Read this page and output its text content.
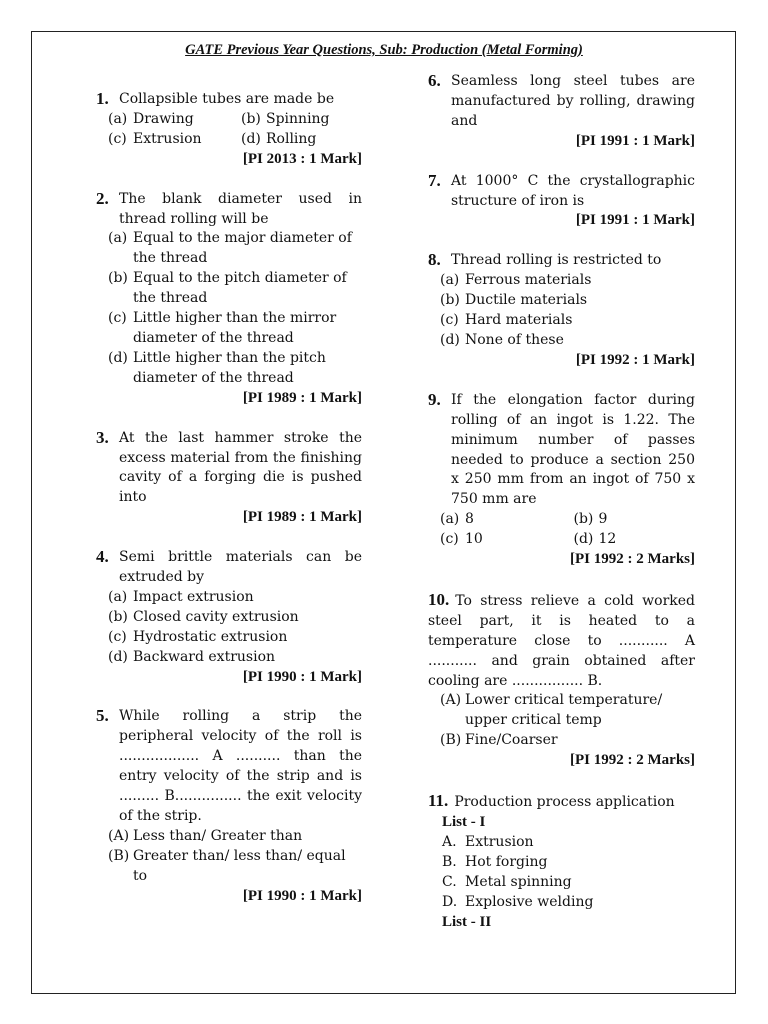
GATE Previous Year Questions, Sub: Production (Metal Forming)
1. Collapsible tubes are made be
(a) Drawing	(b) Spinning
(c) Extrusion	(d) Rolling
[PI 2013 : 1 Mark]
2. The blank diameter used in thread rolling will be
(a) Equal to the major diameter of the thread
(b) Equal to the pitch diameter of the thread
(c) Little higher than the mirror diameter of the thread
(d) Little higher than the pitch diameter of the thread
[PI 1989 : 1 Mark]
3. At the last hammer stroke the excess material from the finishing cavity of a forging die is pushed into
[PI 1989 : 1 Mark]
4. Semi brittle materials can be extruded by
(a) Impact extrusion
(b) Closed cavity extrusion
(c) Hydrostatic extrusion
(d) Backward extrusion
[PI 1990 : 1 Mark]
5. While rolling a strip the peripheral velocity of the roll is .................. A .......... than the entry velocity of the strip and is ......... B............... the exit velocity of the strip.
(A) Less than/ Greater than
(B) Greater than/ less than/ equal to
[PI 1990 : 1 Mark]
6. Seamless long steel tubes are manufactured by rolling, drawing and
[PI 1991 : 1 Mark]
7. At 1000° C the crystallographic structure of iron is
[PI 1991 : 1 Mark]
8. Thread rolling is restricted to
(a) Ferrous materials
(b) Ductile materials
(c) Hard materials
(d) None of these
[PI 1992 : 1 Mark]
9. If the elongation factor during rolling of an ingot is 1.22. The minimum number of passes needed to produce a section 250 x 250 mm from an ingot of 750 x 750 mm are
(a) 8	(b) 9
(c) 10	(d) 12
[PI 1992 : 2 Marks]
10. To stress relieve a cold worked steel part, it is heated to a temperature close to ........... A ........... and grain obtained after cooling are ................ B.
(A) Lower critical temperature/ upper critical temp
(B) Fine/Coarser
[PI 1992 : 2 Marks]
11. Production process application
List - I
A. Extrusion
B. Hot forging
C. Metal spinning
D. Explosive welding
List - II
